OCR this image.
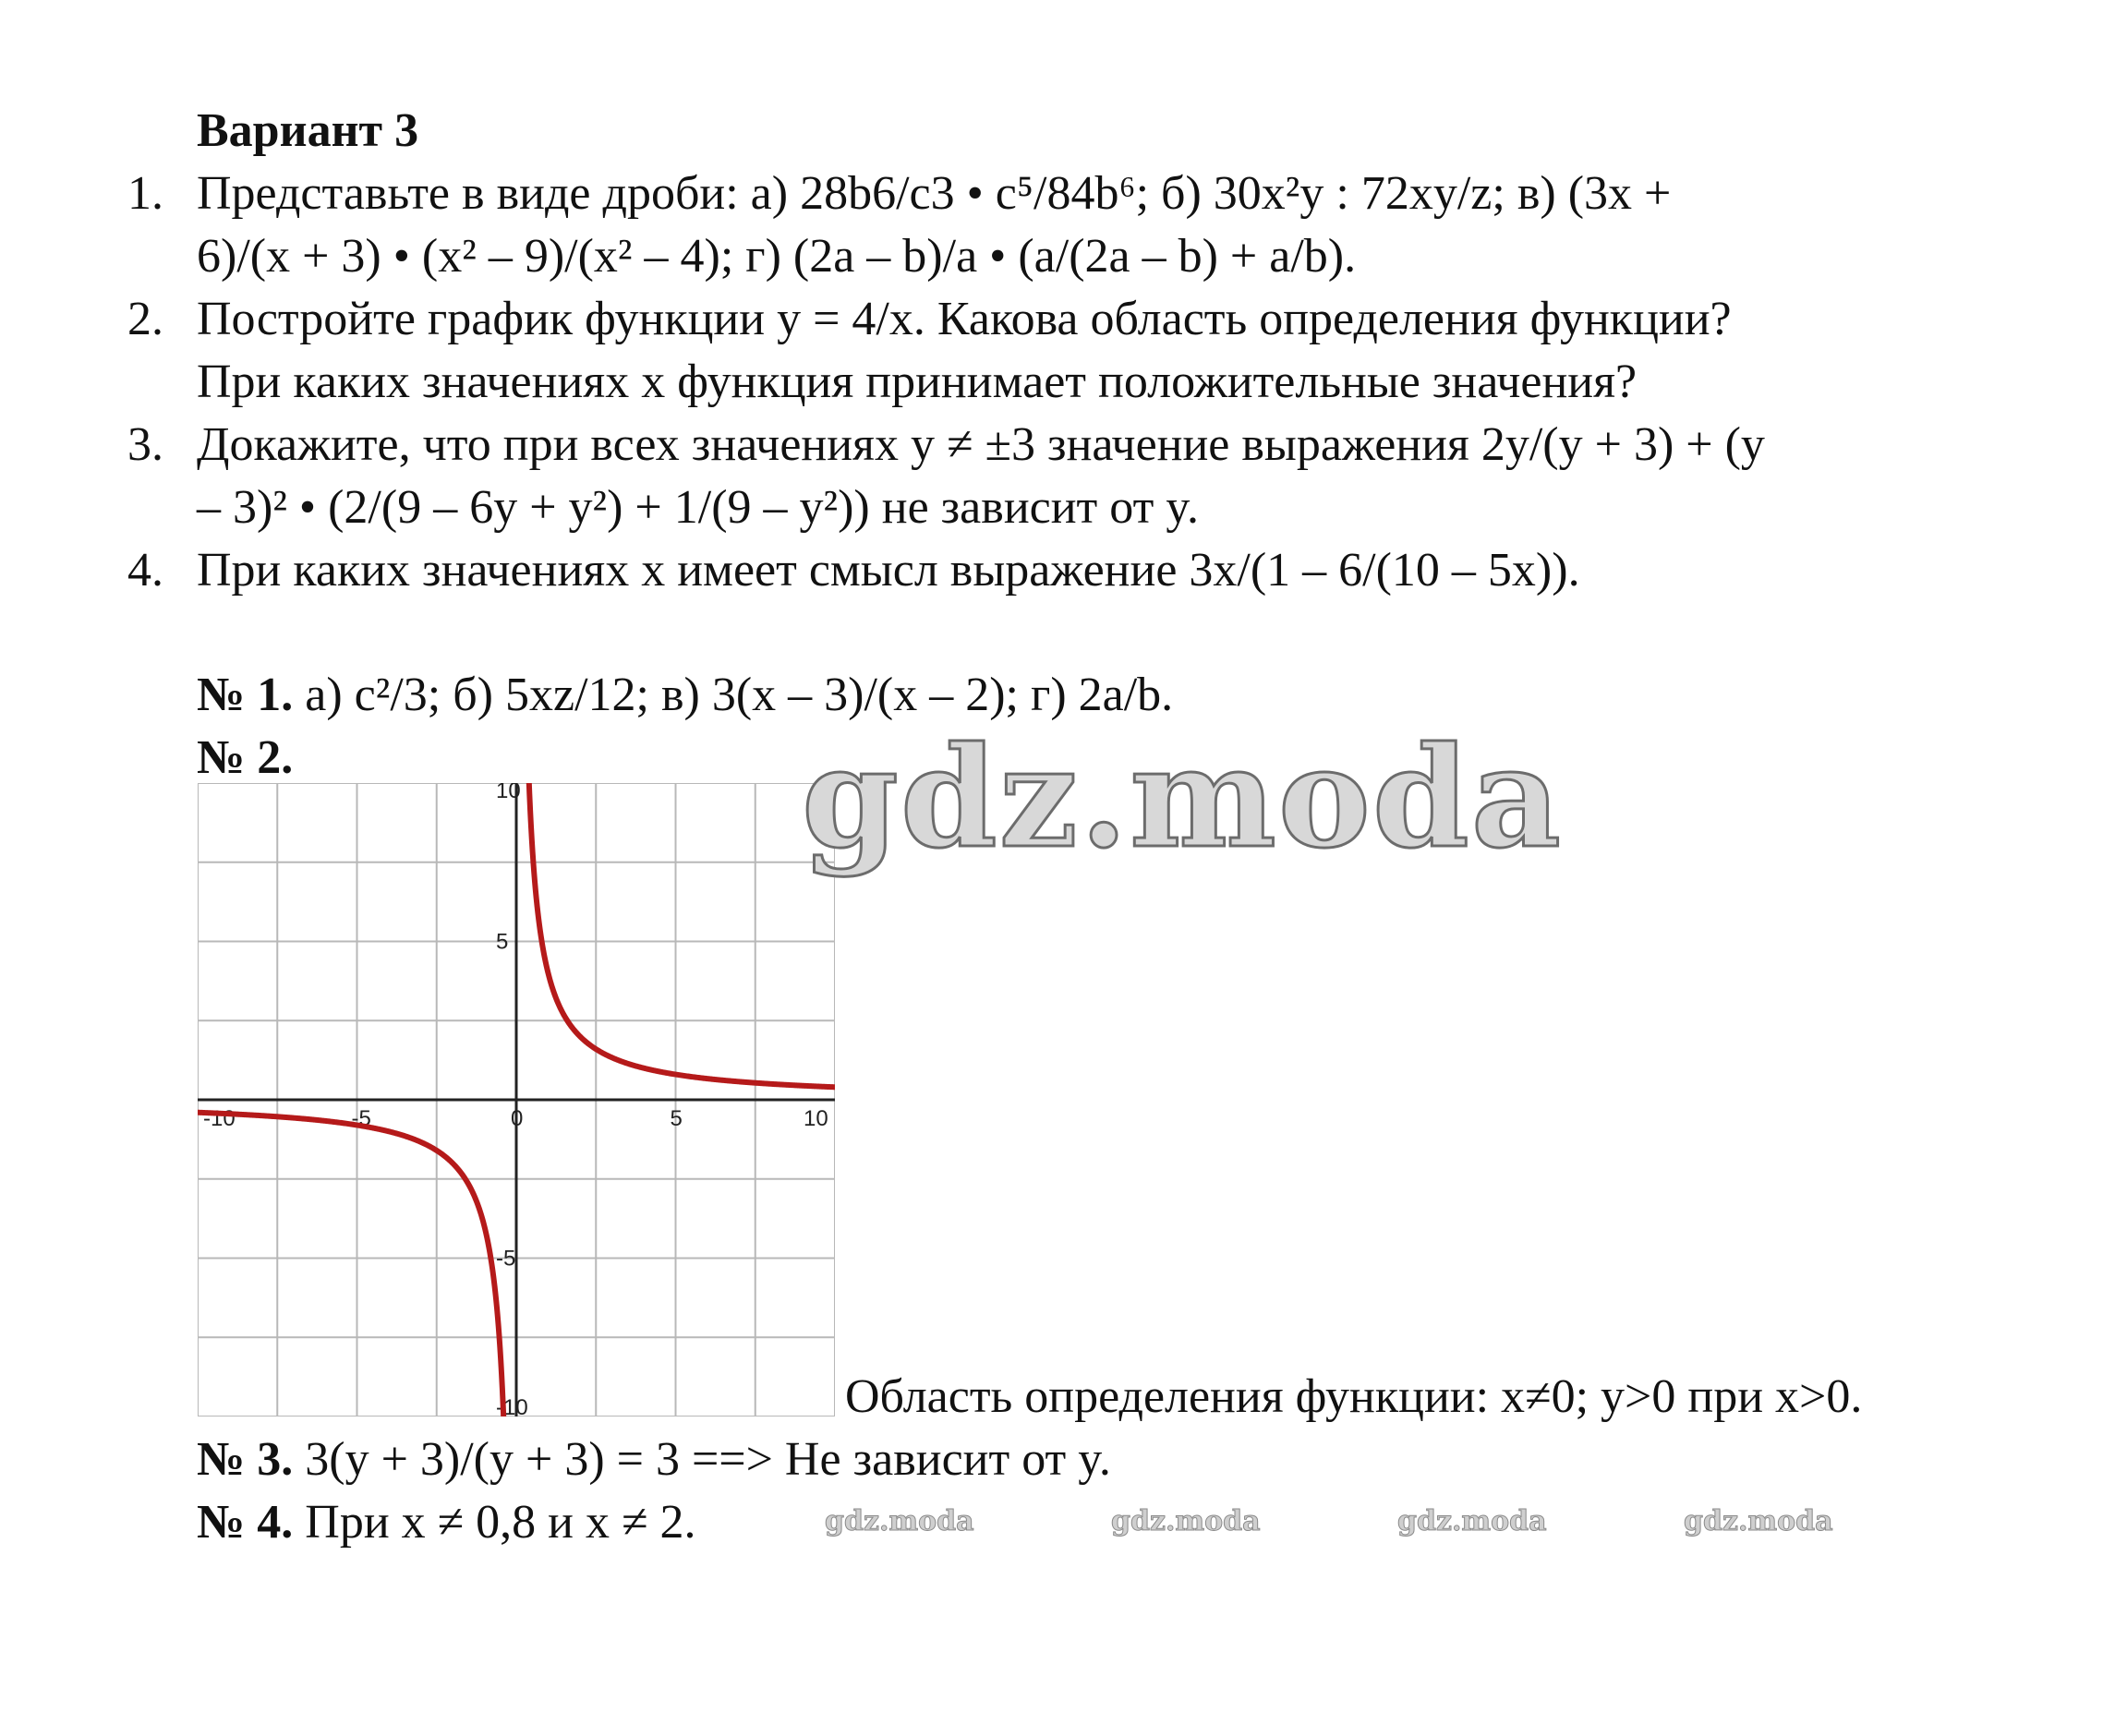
Вариант 3
1. Представьте в виде дроби: а) 28b6/c3 • c⁵/84b⁶; б) 30x²y : 72xy/z; в) (3x +
6)/(x + 3) • (x² – 9)/(x² – 4); г) (2a – b)/a • (a/(2a – b) + a/b).
2. Постройте график функции y = 4/x. Какова область определения функции?
При каких значениях x функция принимает положительные значения?
3. Докажите, что при всех значениях y ≠ ±3 значение выражения 2y/(y + 3) + (y
– 3)² • (2/(9 – 6y + y²) + 1/(9 – y²)) не зависит от y.
4. При каких значениях x имеет смысл выражение 3x/(1 – 6/(10 – 5x)).
№ 1. а) c²/3; б) 5xz/12; в) 3(x – 3)/(x – 2); г) 2a/b.
№ 2.
-10	-5	0	5	10
10
5
-5
-10	Область определения функции: x≠0; y>0 при x>0.
№ 3. 3(y + 3)/(y + 3) = 3 ==> Не зависит от y.
№ 4. При x ≠ 0,8 и x ≠ 2.
gdz.moda
gdz.moda	gdz.moda	gdz.moda	gdz.moda
